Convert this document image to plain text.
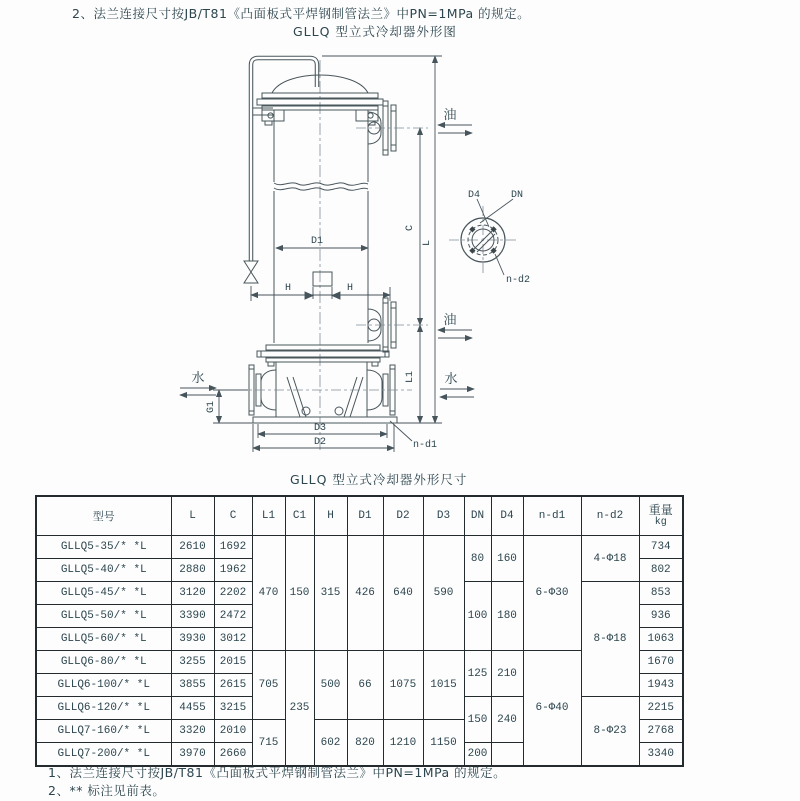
2、法兰连接尺寸按JB/T81《凸面板式平焊钢制管法兰》中PN=1MPa 的规定。
GLLQ 型立式冷却器外形图
油
油
水
水
D1
H	H
C
L
L1
G1
D3
D2	n-d1
D4	DN
n-d2
GLLQ 型立式冷却器外形尺寸
型号	L	C	L1	C1	H	D1	D2	D3	DN	D4	n-d1	n-d2	重量
kg

GLLQ5-35/* *L	2610	1692	470	150	315	426	640	590	80	160	6-Φ30	4-Φ18	734
GLLQ5-40/* *L	2880	1962											802
GLLQ5-45/* *L	3120	2202							100	180		8-Φ18	853
GLLQ5-50/* *L	3390	2472											936
GLLQ5-60/* *L	3930	3012											1063
GLLQ6-80/* *L	3255	2015	705	235	500	66	1075	1015	125	210	6-Φ40		1670
GLLQ6-100/* *L	3855	2615											1943
GLLQ6-120/* *L	4455	3215							150	240		8-Φ23	2215
GLLQ7-160/* *L	3320	2010	715		602	820	1210	1150					2768
GLLQ7-200/* *L	3970	2660							200				3340
1、法兰连接尺寸按JB/T81《凸面板式平焊钢制管法兰》中PN=1MPa 的规定。
2、** 标注见前表。
